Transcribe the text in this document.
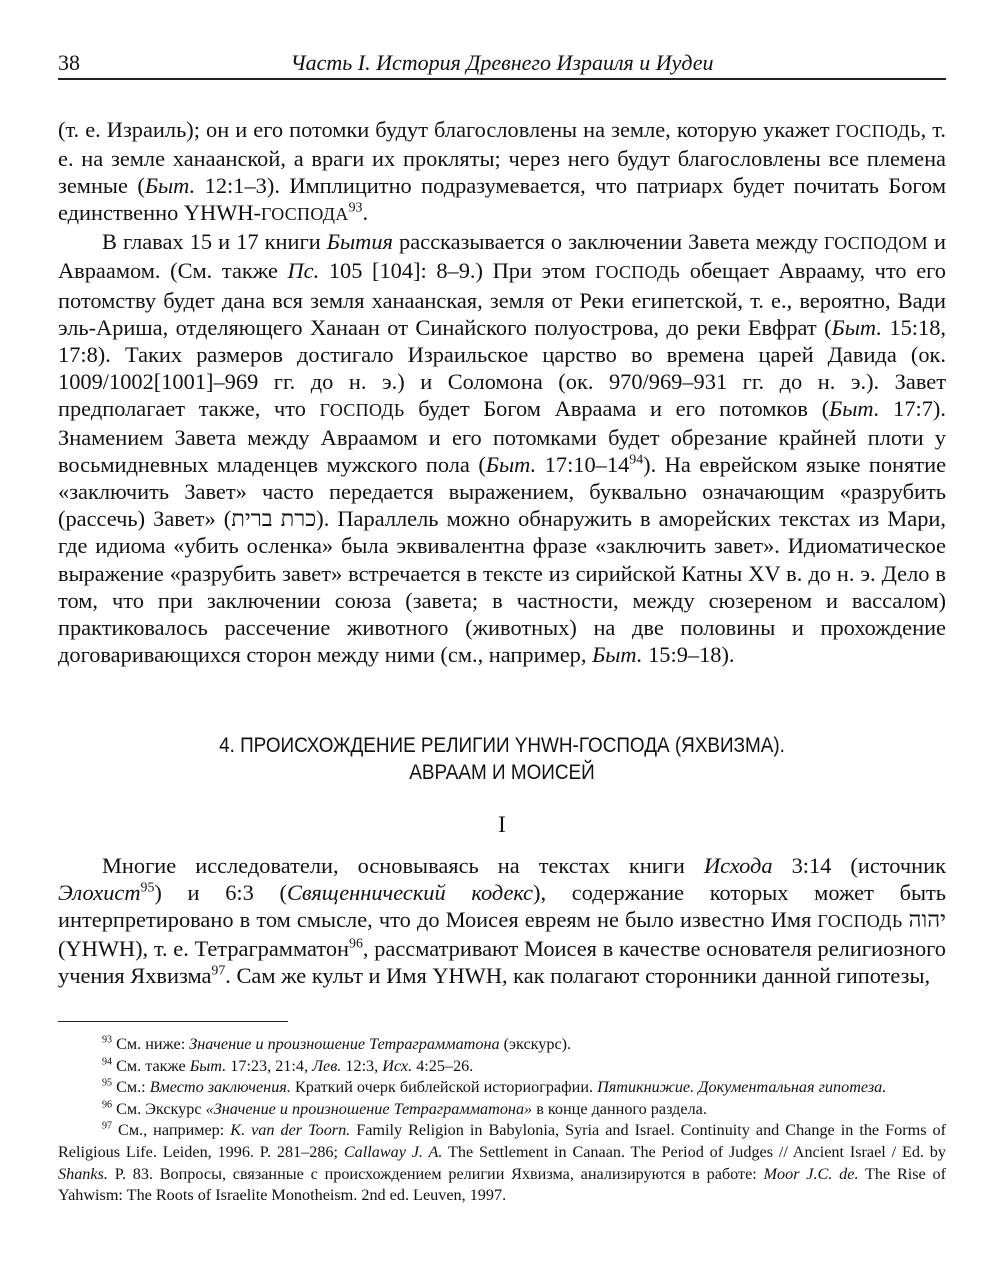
38	Часть I. История Древнего Израиля и Иудеи

(т. е. Израиль); он и его потомки будут благословлены на земле, которую укажет ГОСПОДЬ, т. е. на земле ханаанской, а враги их прокляты; через него будут благословлены все племена земные (Быт. 12:1–3). Имплицитно подразумевается, что патриарх будет почитать Богом единственно YHWH-ГОСПОДА$^{93}$.

В главах 15 и 17 книги Бытия рассказывается о заключении Завета между ГОСПОДОМ и Авраамом. (См. также Пс. 105 [104]: 8–9.) При этом ГОСПОДЬ обещает Аврааму, что его потомству будет дана вся земля ханаанская, земля от Реки египетской, т. е., вероятно, Вади эль-Ариша, отделяющего Ханаан от Синайского полуострова, до реки Евфрат (Быт. 15:18, 17:8). Таких размеров достигало Израильское царство во времена царей Давида (ок. 1009/1002[1001]–969 гг. до н. э.) и Соломона (ок. 970/969–931 гг. до н. э.). Завет предполагает также, что ГОСПОДЬ будет Богом Авраама и его потомков (Быт. 17:7). Знамением Завета между Авраамом и его потомками будет обрезание крайней плоти у восьмидневных младенцев мужского пола (Быт. $17:10-14^{94}$). На еврейском языке понятие «заключить Завет» часто передается выражением, буквально означающим «разрубить (рассечь) Завет» (כרת ברית). Параллель можно обнаружить в аморейских текстах из Мари, где идиома «убить осленка» была эквивалентна фразе «заключить завет». Идиоматическое выражение «разрубить завет» встречается в тексте из сирийской Катны XV в. до н. э. Дело в том, что при заключении союза (завета; в частности, между сюзереном и вассалом) практиковалось рассечение животного (животных) на две половины и прохождение договаривающихся сторон между ними (см., например, Быт. 15:9–18).

4. ПРОИСХОЖДЕНИЕ РЕЛИГИИ YHWH-ГОСПОДА (ЯХВИЗМА).
АВРААМ И МОИСЕЙ
I

Многие исследователи, основываясь на текстах книги Исхода 3:14 (источник Элохист$^{95}$) и 6:3 (Священнический кодекс), содержание которых может быть интерпретировано в том смысле, что до Моисея евреям не было известно Имя ГОСПОДЬ יהוה (YHWH), т. е. Тетраграмматон$^{96}$, рассматривают Моисея в качестве основателя религиозного учения Яхвизма$^{97}$. Сам же культ и Имя YHWH, как полагают сторонники данной гипотезы,

$^{93}$ См. ниже: Значение и произношение Тетраграмматона (экскурс).

$^{94}$ См. также Быт. 17:23, 21:4, Лев. 12:3, Исх. 4:25–26.

$^{95}$ См.: Вместо заключения. Краткий очерк библейской историографии. Пятикнижие. Документальная гипотеза.

$^{96}$ См. Экскурс «Значение и произношение Тетраграмматона» в конце данного раздела.

$^{97}$ См., например: K. van der Toorn. Family Religion in Babylonia, Syria and Israel. Continuity and Change in the Forms of Religious Life. Leiden, 1996. P. 281–286; Callaway J. A. The Settlement in Canaan. The Period of Judges // Ancient Israel / Ed. by Shanks. P. 83. Вопросы, связанные с происхождением религии Яхвизма, анализируются в работе: Moor J.C. de. The Rise of Yahwism: The Roots of Israelite Monotheism. 2nd ed. Leuven, 1997.
